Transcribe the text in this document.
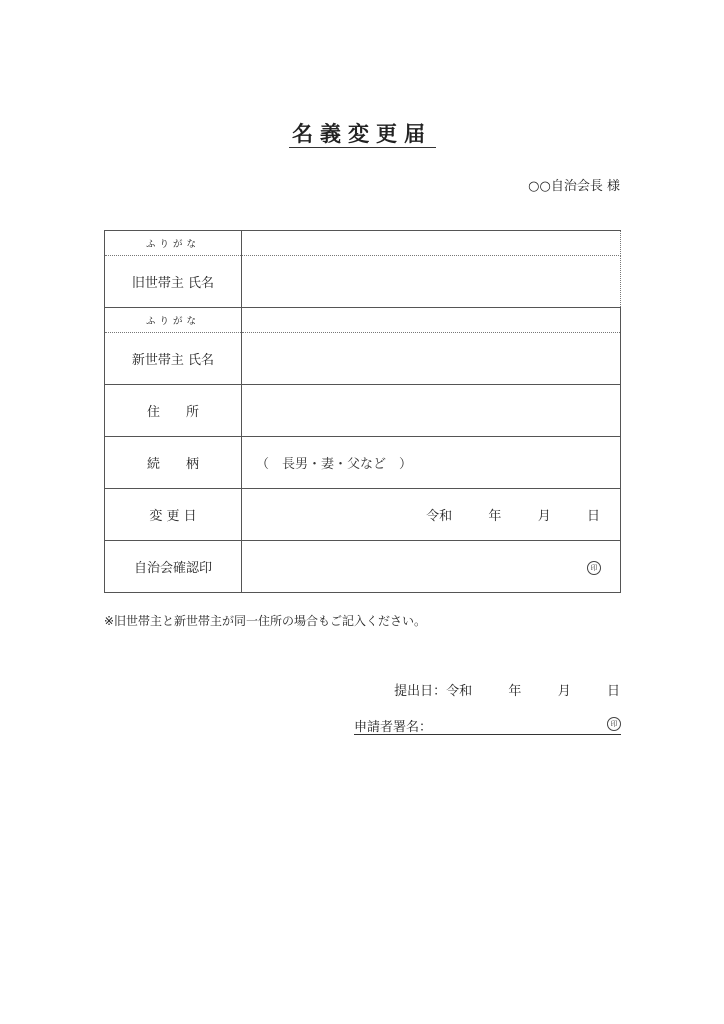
名義変更届
○○自治会長 様
ふりがな	
旧世帯主 氏名	
ふりがな	
新世帯主 氏名	
住　　所	
続　　柄	（　長男・妻・父など　）
変 更 日	令和 年 月 日
自治会確認印	印
※旧世帯主と新世帯主が同一住所の場合もご記入ください。
提出日：令和	年	月	日
申請者署名：	印
